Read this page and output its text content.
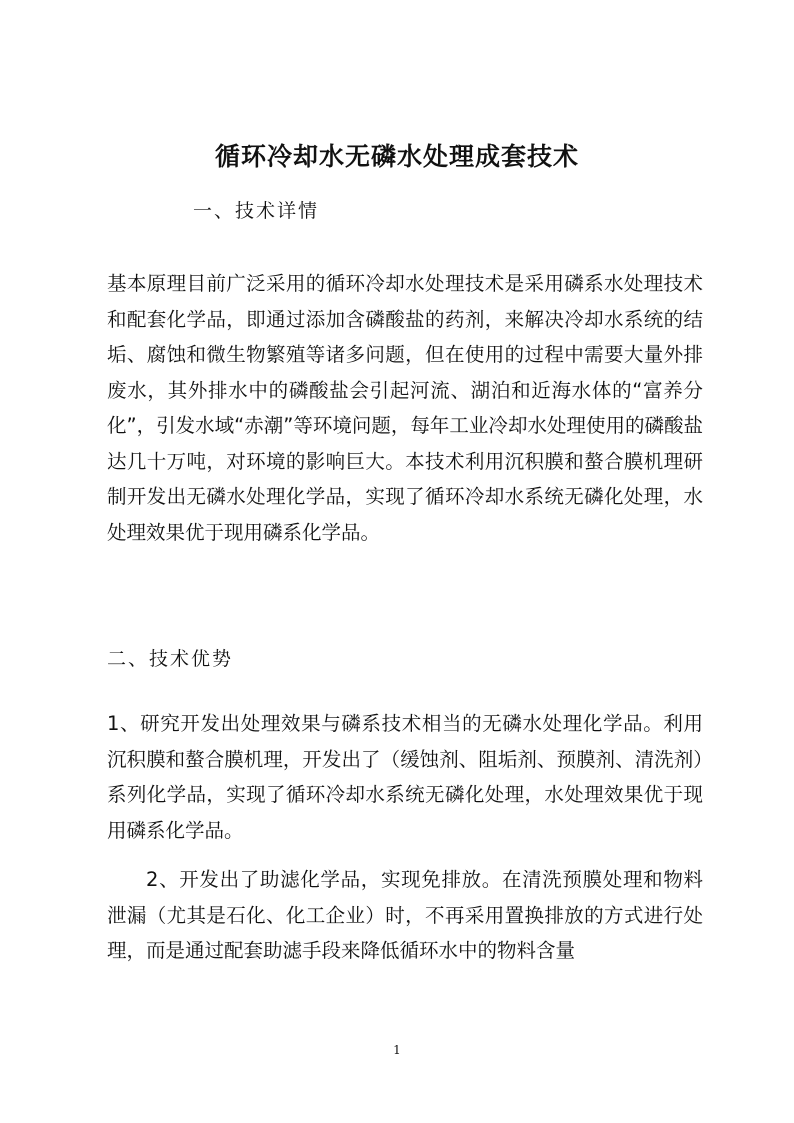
循环冷却水无磷水处理成套技术
一、技术详情

基本原理目前广泛采用的循环冷却水处理技术是采用磷系水处理技术和配套化学品，即通过添加含磷酸盐的药剂，来解决冷却水系统的结垢、腐蚀和微生物繁殖等诸多问题，但在使用的过程中需要大量外排废水，其外排水中的磷酸盐会引起河流、湖泊和近海水体的“富养分化”，引发水域“赤潮”等环境问题，每年工业冷却水处理使用的磷酸盐达几十万吨，对环境的影响巨大。本技术利用沉积膜和螯合膜机理研制开发出无磷水处理化学品，实现了循环冷却水系统无磷化处理，水处理效果优于现用磷系化学品。

二、技术优势

1、研究开发出处理效果与磷系技术相当的无磷水处理化学品。利用沉积膜和螯合膜机理，开发出了（缓蚀剂、阻垢剂、预膜剂、清洗剂）系列化学品，实现了循环冷却水系统无磷化处理，水处理效果优于现用磷系化学品。

2、开发出了助滤化学品，实现免排放。在清洗预膜处理和物料泄漏（尤其是石化、化工企业）时，不再采用置换排放的方式进行处理，而是通过配套助滤手段来降低循环水中的物料含量

1
